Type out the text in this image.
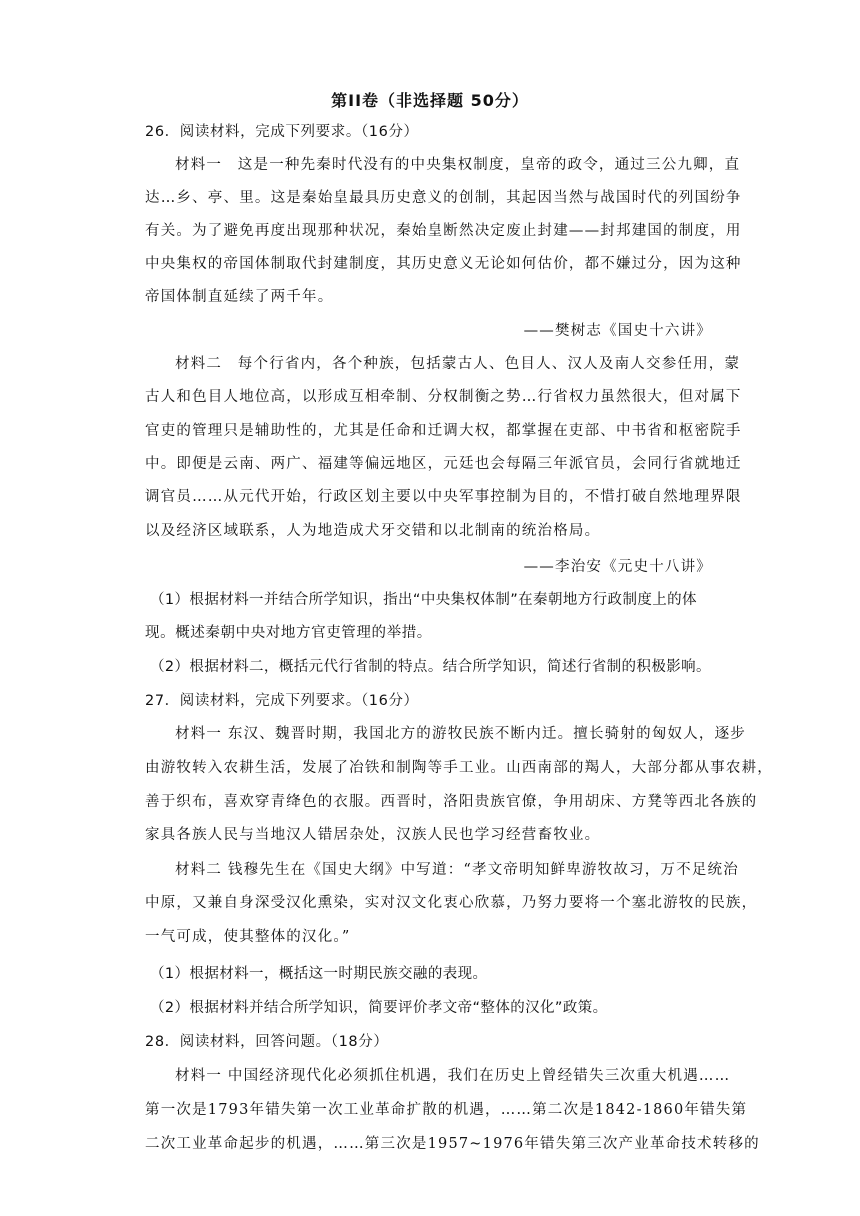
第II卷（非选择题 50分）
26．阅读材料，完成下列要求。（16分）
材料一　这是一种先秦时代没有的中央集权制度，皇帝的政令，通过三公九卿，直
达…乡、亭、里。这是秦始皇最具历史意义的创制，其起因当然与战国时代的列国纷争
有关。为了避免再度出现那种状况，秦始皇断然决定废止封建——封邦建国的制度，用
中央集权的帝国体制取代封建制度，其历史意义无论如何估价，都不嫌过分，因为这种
帝国体制直延续了两千年。
——樊树志《国史十六讲》
材料二　每个行省内，各个种族，包括蒙古人、色目人、汉人及南人交参任用，蒙
古人和色目人地位高，以形成互相牵制、分权制衡之势…行省权力虽然很大，但对属下
官吏的管理只是辅助性的，尤其是任命和迁调大权，都掌握在吏部、中书省和枢密院手
中。即便是云南、两广、福建等偏远地区，元廷也会每隔三年派官员，会同行省就地迁
调官员……从元代开始，行政区划主要以中央军事控制为目的，不惜打破自然地理界限
以及经济区域联系，人为地造成犬牙交错和以北制南的统治格局。
——李治安《元史十八讲》
（1）根据材料一并结合所学知识，指出“中央集权体制”在秦朝地方行政制度上的体
现。概述秦朝中央对地方官吏管理的举措。
（2）根据材料二，概括元代行省制的特点。结合所学知识，简述行省制的积极影响。
27．阅读材料，完成下列要求。（16分）
材料一 东汉、魏晋时期，我国北方的游牧民族不断内迁。擅长骑射的匈奴人，逐步
由游牧转入农耕生活，发展了冶铁和制陶等手工业。山西南部的羯人，大部分都从事农耕，
善于织布，喜欢穿青绛色的衣服。西晋时，洛阳贵族官僚，争用胡床、方凳等西北各族的
家具各族人民与当地汉人错居杂处，汉族人民也学习经营畜牧业。
材料二 钱穆先生在《国史大纲》中写道：“孝文帝明知鲜卑游牧故习，万不足统治
中原，又兼自身深受汉化熏染，实对汉文化衷心欣慕，乃努力要将一个塞北游牧的民族，
一气可成，使其整体的汉化。”
（1）根据材料一，概括这一时期民族交融的表现。
（2）根据材料并结合所学知识，简要评价孝文帝“整体的汉化”政策。
28．阅读材料，回答问题。（18分）
材料一 中国经济现代化必须抓住机遇，我们在历史上曾经错失三次重大机遇……
第一次是1793年错失第一次工业革命扩散的机遇，……第二次是1842-1860年错失第
二次工业革命起步的机遇，……第三次是1957~1976年错失第三次产业革命技术转移的
